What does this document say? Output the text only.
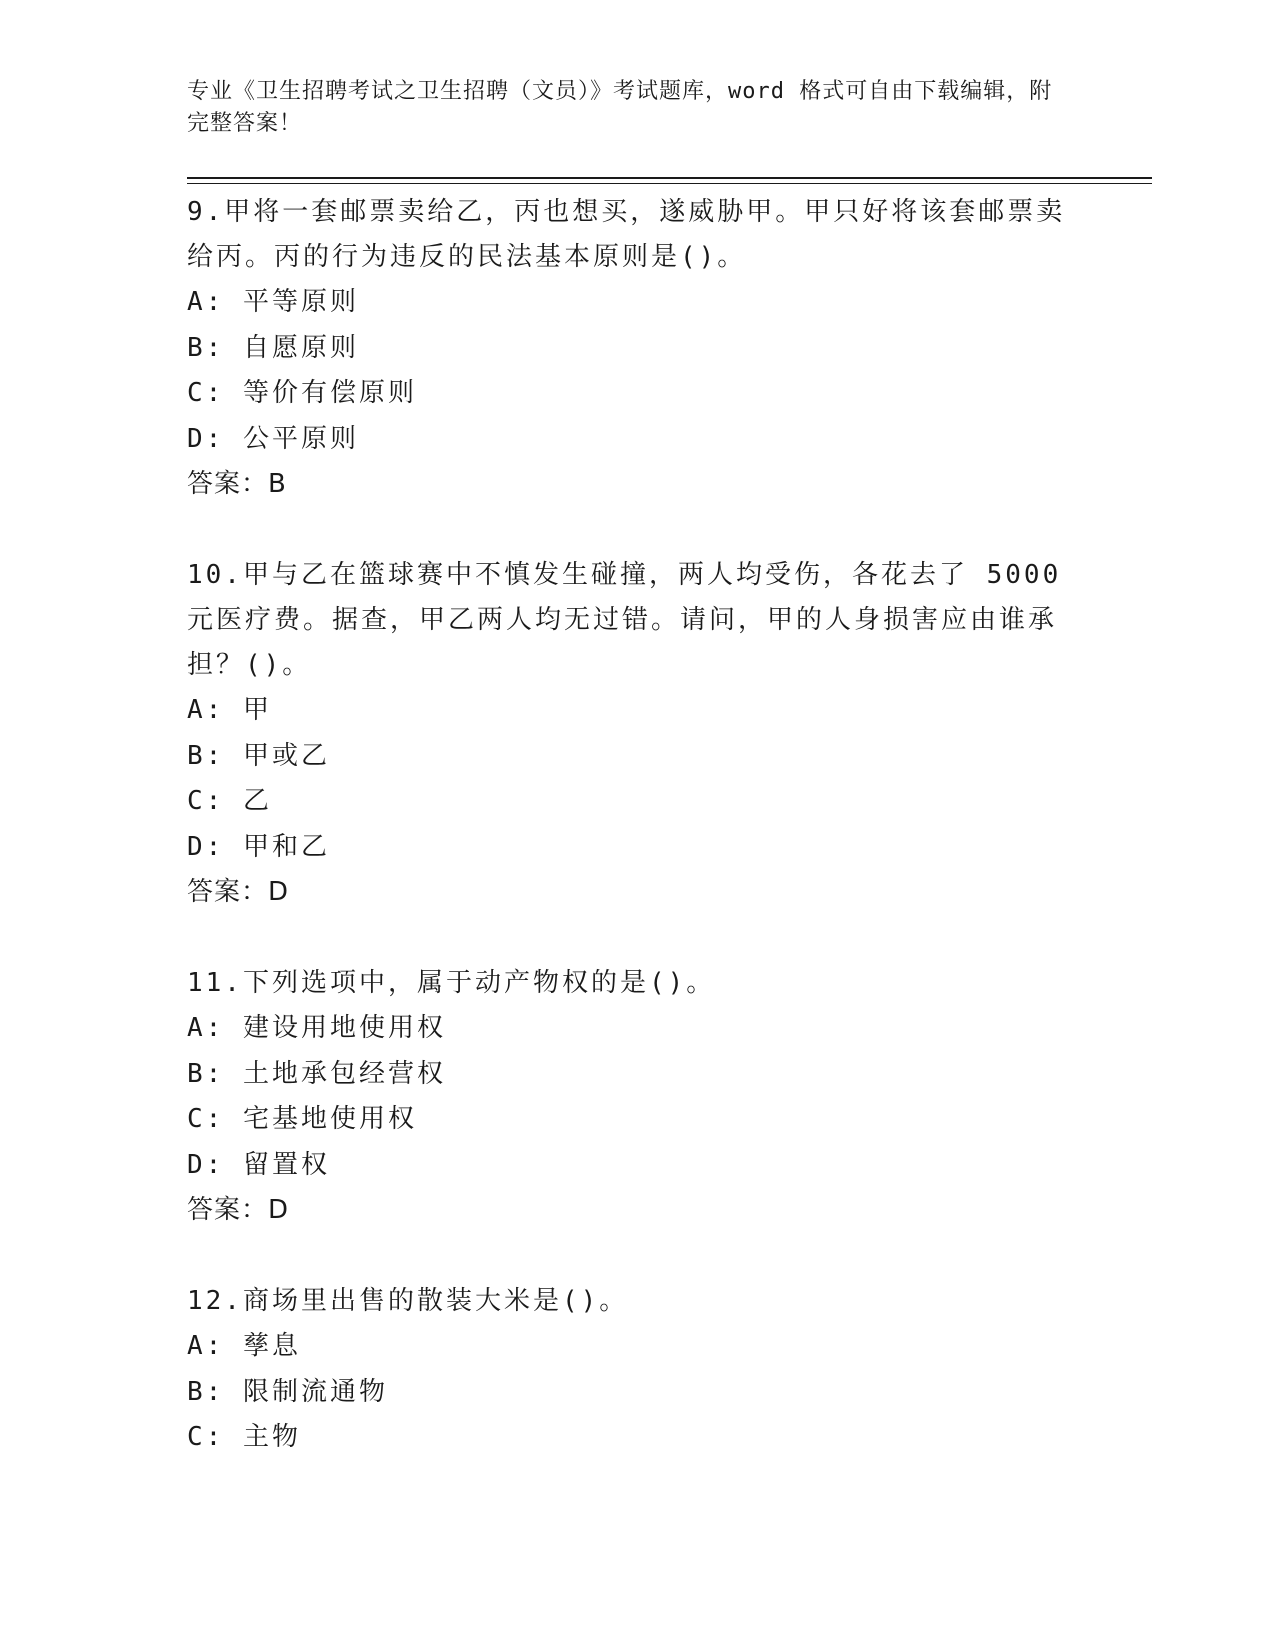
专业《卫生招聘考试之卫生招聘（文员）》考试题库，word 格式可自由下载编辑，附完整答案！
9.甲将一套邮票卖给乙，丙也想买，遂威胁甲。甲只好将该套邮票卖给丙。丙的行为违反的民法基本原则是()。
A: 平等原则
B: 自愿原则
C: 等价有偿原则
D: 公平原则
答案：B
10.甲与乙在篮球赛中不慎发生碰撞，两人均受伤，各花去了 5000 元医疗费。据查，甲乙两人均无过错。请问，甲的人身损害应由谁承担？()。
A: 甲
B: 甲或乙
C: 乙
D: 甲和乙
答案：D
11.下列选项中，属于动产物权的是()。
A: 建设用地使用权
B: 土地承包经营权
C: 宅基地使用权
D: 留置权
答案：D
12.商场里出售的散装大米是()。
A: 孳息
B: 限制流通物
C: 主物
